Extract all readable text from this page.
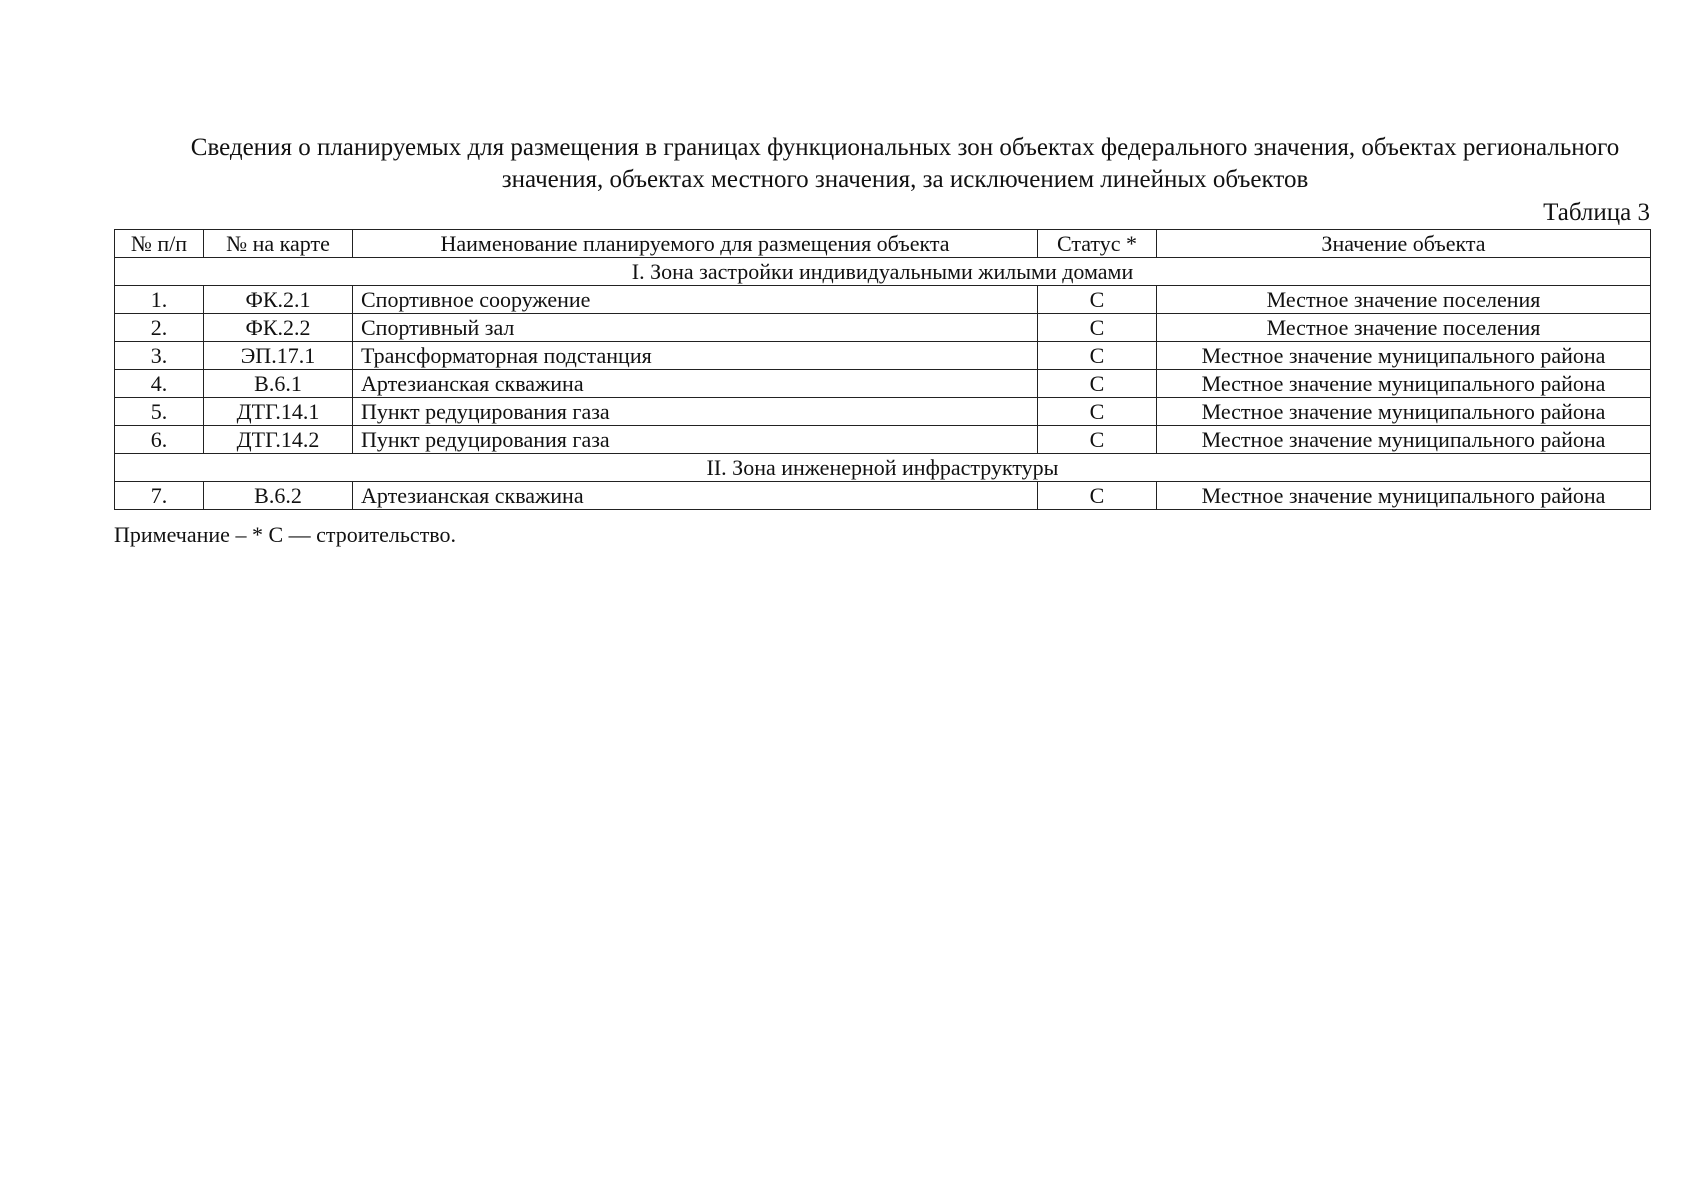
Сведения о планируемых для размещения в границах функциональных зон объектах федерального значения, объектах регионального значения, объектах местного значения, за исключением линейных объектов
Таблица 3
№ п/п	№ на карте	Наименование планируемого для размещения объекта	Статус *	Значение объекта
I. Зона застройки индивидуальными жилыми домами				
1.	ФК.2.1	Спортивное сооружение	С	Местное значение поселения
2.	ФК.2.2	Спортивный зал	С	Местное значение поселения
3.	ЭП.17.1	Трансформаторная подстанция	С	Местное значение муниципального района
4.	В.6.1	Артезианская скважина	С	Местное значение муниципального района
5.	ДТГ.14.1	Пункт редуцирования газа	С	Местное значение муниципального района
6.	ДТГ.14.2	Пункт редуцирования газа	С	Местное значение муниципального района
II. Зона инженерной инфраструктуры				
7.	В.6.2	Артезианская скважина	С	Местное значение муниципального района
Примечание – * С — строительство.
